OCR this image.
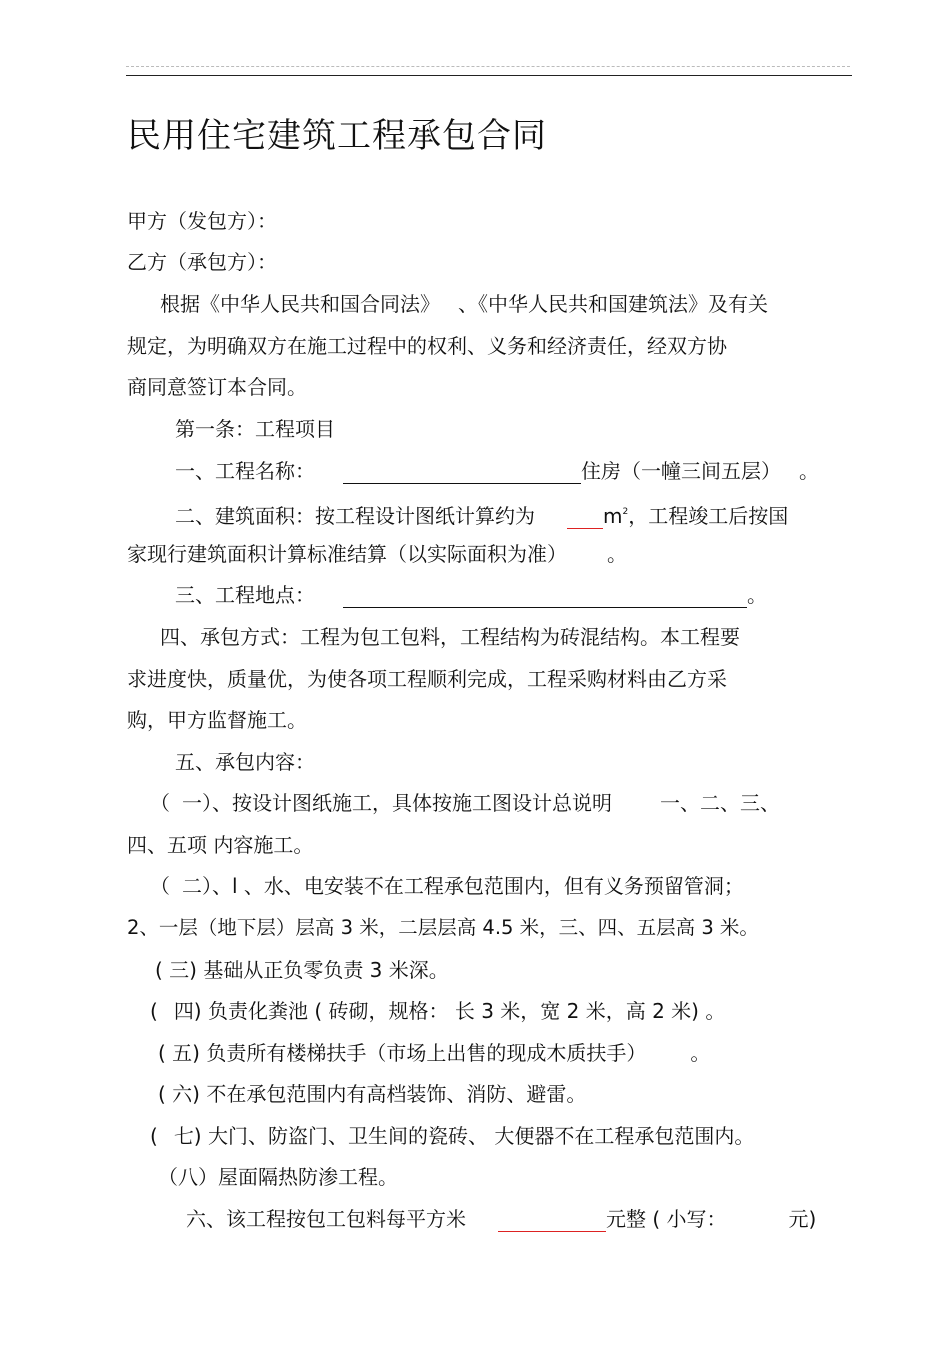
民用住宅建筑工程承包合同
甲方（发包方）：
乙方（承包方）：
根据《中华人民共和国合同法》 、《中华人民共和国建筑法》及有关
规定，为明确双方在施工过程中的权利、义务和经济责任，经双方协
商同意签订本合同。
第一条：工程项目
一、工程名称：	住房（一幢三间五层） 。
二、建筑面积：按工程设计图纸计算约为	$m^2$，工程竣工后按国
家现行建筑面积计算标准结算（以实际面积为准） 。
三、工程地点：	。
四、承包方式：工程为包工包料，工程结构为砖混结构。本工程要
求进度快，质量优，为使各项工程顺利完成，工程采购材料由乙方采
购，甲方监督施工。
五、承包内容：
（ 一）、按设计图纸施工，具体按施工图设计总说明 一、二、三、
四、五项 内容施工。
（ 二）、l 、水、电安装不在工程承包范围内，但有义务预留管洞；
2、一层（地下层）层高 3 米，二层层高 4.5 米，三、四、五层高 3 米。
( 三) 基础从正负零负责 3 米深。
( 四) 负责化粪池 ( 砖砌，规格： 长 3 米，宽 2 米，高 2 米) 。
( 五) 负责所有楼梯扶手（市场上出售的现成木质扶手） 。
( 六) 不在承包范围内有高档装饰、消防、避雷。
( 七) 大门、防盗门、卫生间的瓷砖、 大便器不在工程承包范围内。
（八）屋面隔热防渗工程。
六、该工程按包工包料每平方米	元整 ( 小写：	元)
